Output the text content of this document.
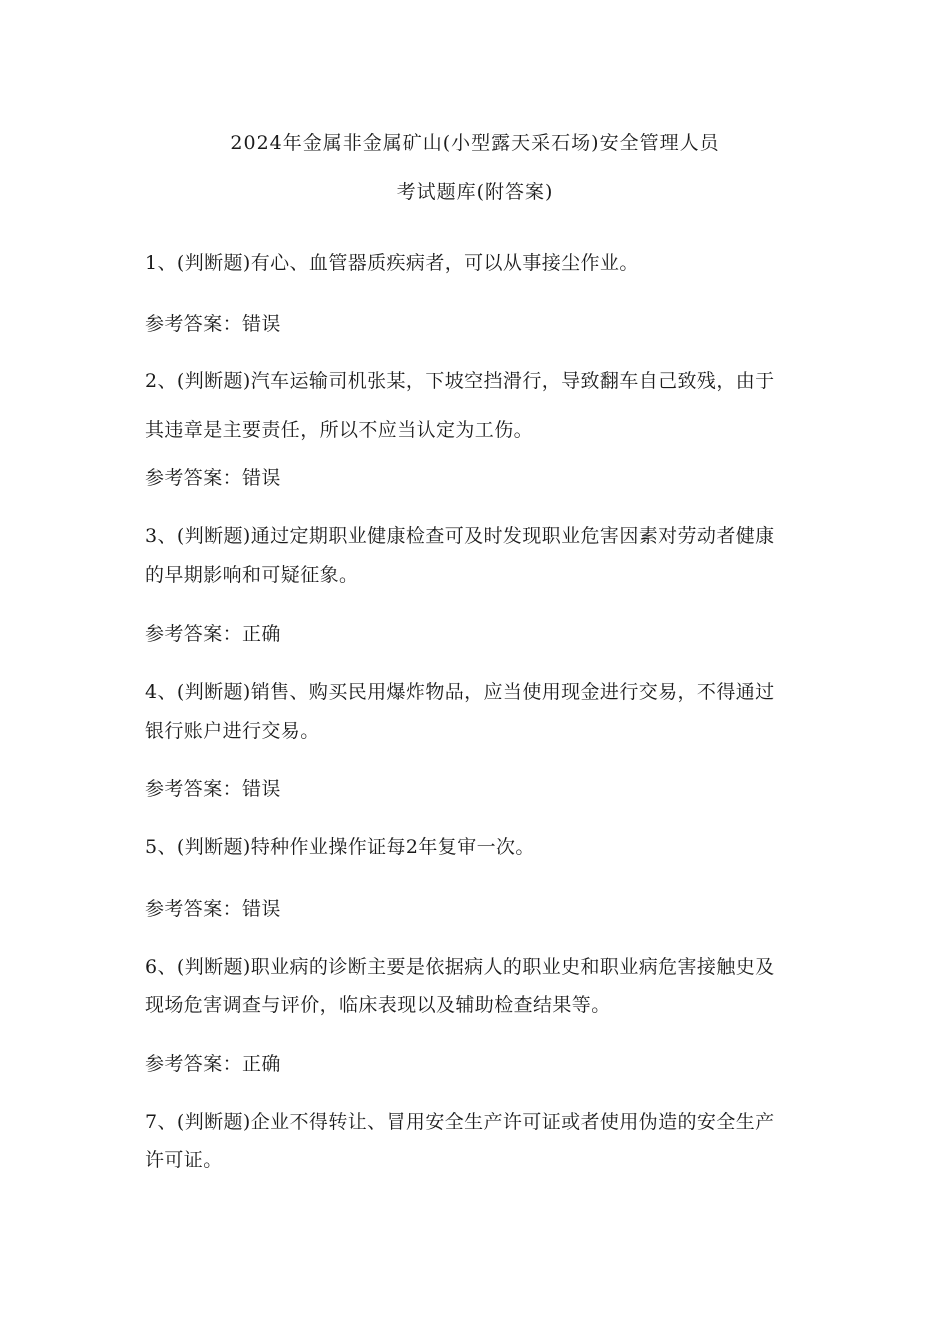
2024年金属非金属矿山(小型露天采石场)安全管理人员
考试题库(附答案)
1、(判断题)有心、血管器质疾病者，可以从事接尘作业。
参考答案：错误
2、(判断题)汽车运输司机张某，下坡空挡滑行，导致翻车自己致残，由于
其违章是主要责任，所以不应当认定为工伤。
参考答案：错误
3、(判断题)通过定期职业健康检查可及时发现职业危害因素对劳动者健康
的早期影响和可疑征象。
参考答案：正确
4、(判断题)销售、购买民用爆炸物品，应当使用现金进行交易，不得通过
银行账户进行交易。
参考答案：错误
5、(判断题)特种作业操作证每2年复审一次。
参考答案：错误
6、(判断题)职业病的诊断主要是依据病人的职业史和职业病危害接触史及
现场危害调查与评价，临床表现以及辅助检查结果等。
参考答案：正确
7、(判断题)企业不得转让、冒用安全生产许可证或者使用伪造的安全生产
许可证。
